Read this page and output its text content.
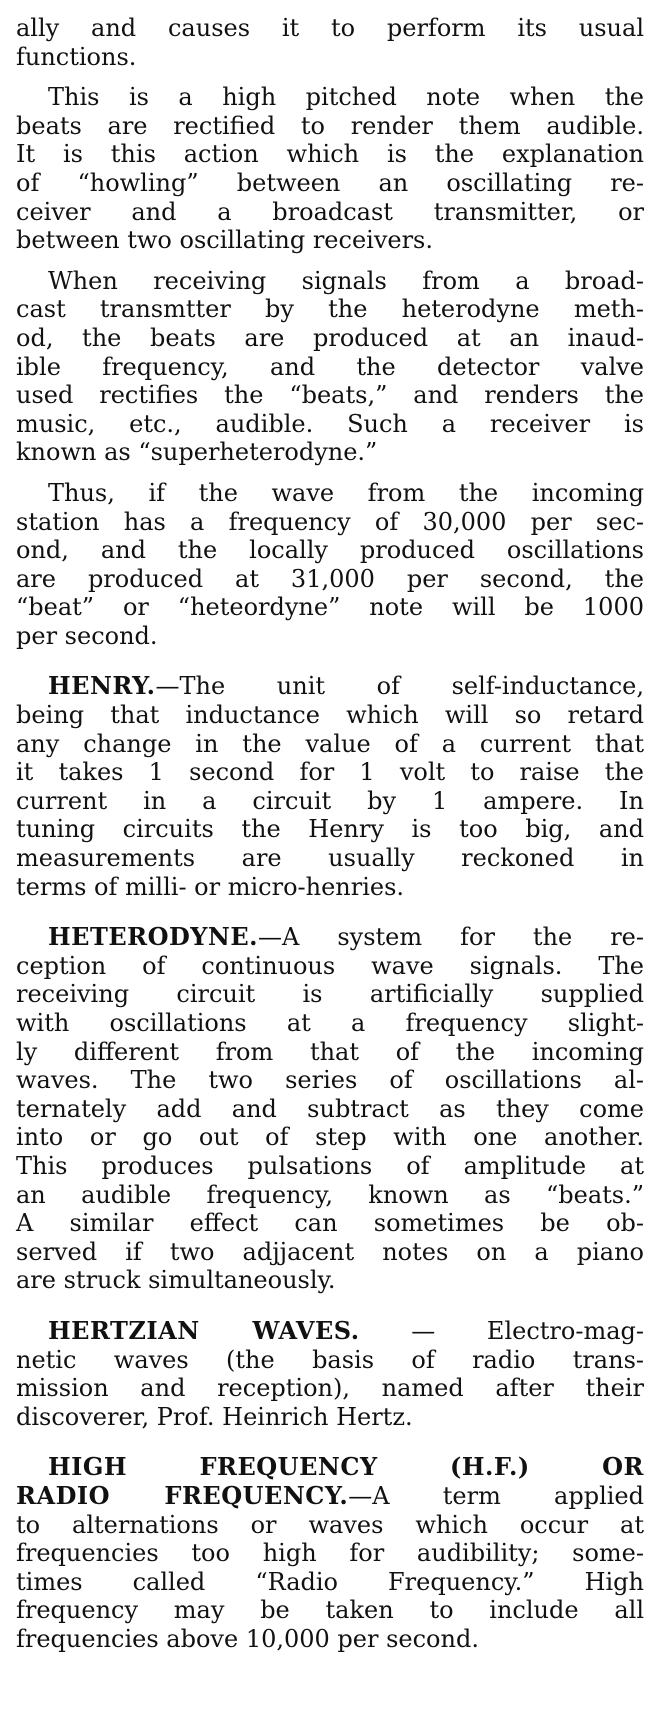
ally and causes it to perform its usual
functions.
This is a high pitched note when the
beats are rectified to render them audible.
It is this action which is the explanation
of “howling” between an oscillating re-
ceiver and a broadcast transmitter, or
between two oscillating receivers.
When receiving signals from a broad-
cast transmtter by the heterodyne meth-
od, the beats are produced at an inaud-
ible frequency, and the detector valve
used rectifies the “beats,” and renders the
music, etc., audible. Such a receiver is
known as “superheterodyne.”
Thus, if the wave from the incoming
station has a frequency of 30,000 per sec-
ond, and the locally produced oscillations
are produced at 31,000 per second, the
“beat” or “heteordyne” note will be 1000
per second.
HENRY.—The unit of self-inductance,
being that inductance which will so retard
any change in the value of a current that
it takes 1 second for 1 volt to raise the
current in a circuit by 1 ampere. In
tuning circuits the Henry is too big, and
measurements are usually reckoned in
terms of milli- or micro-henries.
HETERODYNE.—A system for the re-
ception of continuous wave signals. The
receiving circuit is artificially supplied
with oscillations at a frequency slight-
ly different from that of the incoming
waves. The two series of oscillations al-
ternately add and subtract as they come
into or go out of step with one another.
This produces pulsations of amplitude at
an audible frequency, known as “beats.”
A similar effect can sometimes be ob-
served if two adjjacent notes on a piano
are struck simultaneously.
HERTZIAN WAVES. — Electro-mag-
netic waves (the basis of radio trans-
mission and reception), named after their
discoverer, Prof. Heinrich Hertz.
HIGH FREQUENCY (H.F.) OR
RADIO FREQUENCY.—A term applied
to alternations or waves which occur at
frequencies too high for audibility; some-
times called “Radio Frequency.” High
frequency may be taken to include all
frequencies above 10,000 per second.
